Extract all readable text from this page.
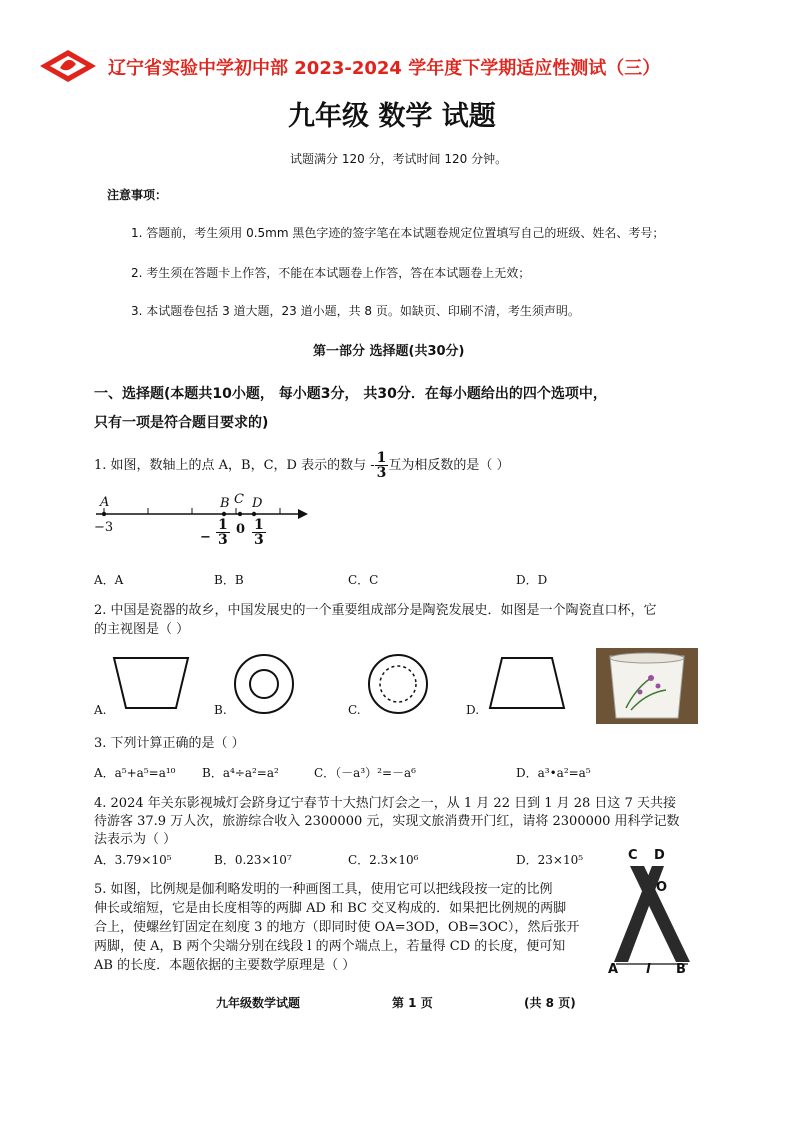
辽宁省实验中学初中部 2023-2024 学年度下学期适应性测试（三）
九年级 数学 试题
试题满分 120 分，考试时间 120 分钟。
注意事项：
1. 答题前，考生须用 0.5mm 黑色字迹的签字笔在本试题卷规定位置填写自己的班级、姓名、考号；
2. 考生须在答题卡上作答，不能在本试题卷上作答，答在本试题卷上无效；
3. 本试题卷包括 3 道大题，23 道小题，共 8 页。如缺页、印刷不清，考生须声明。
第一部分 选择题(共30分)
一、选择题(本题共10小题， 每小题3分， 共30分．在每小题给出的四个选项中，
只有一项是符合题目要求的)
1. 如图，数轴上的点 A，B，C，D 表示的数与 - $\frac{1}{3}$ 互为相反数的是（ ）
A	B C D
−3
− $\frac{1}{3} 0 \frac{1}{3}$
A．A	B．B	C．C	D．D
2. 中国是瓷器的故乡，中国发展史的一个重要组成部分是陶瓷发展史．如图是一个陶瓷直口杯，它
的主视图是（ ）
A.	B.	C.	D.
3. 下列计算正确的是（ ）
A．a⁵+a⁵=a¹⁰ B．a⁴÷a²=a²	C．（－a³）²=－a⁶	D．a³•a²=a⁵
4. 2024 年关东影视城灯会跻身辽宁春节十大热门灯会之一，从 1 月 22 日到 1 月 28 日这 7 天共接
待游客 37.9 万人次，旅游综合收入 2300000 元，实现文旅消费开门红，请将 2300000 用科学记数
法表示为（ ）
A．3.79×10⁵	B．0.23×10⁷	C．2.3×10⁶	D．23×10⁵
5. 如图，比例规是伽利略发明的一种画图工具，使用它可以把线段按一定的比例
伸长或缩短，它是由长度相等的两脚 AD 和 BC 交叉构成的．如果把比例规的两脚
合上，使螺丝钉固定在刻度 3 的地方（即同时使 OA=3OD，OB=3OC），然后张开
两脚，使 A，B 两个尖端分别在线段 l 的两个端点上，若量得 CD 的长度，便可知
AB 的长度．本题依据的主要数学原理是（ ）
C D
O
A l B
九年级数学试题	第 1 页	(共 8 页)
